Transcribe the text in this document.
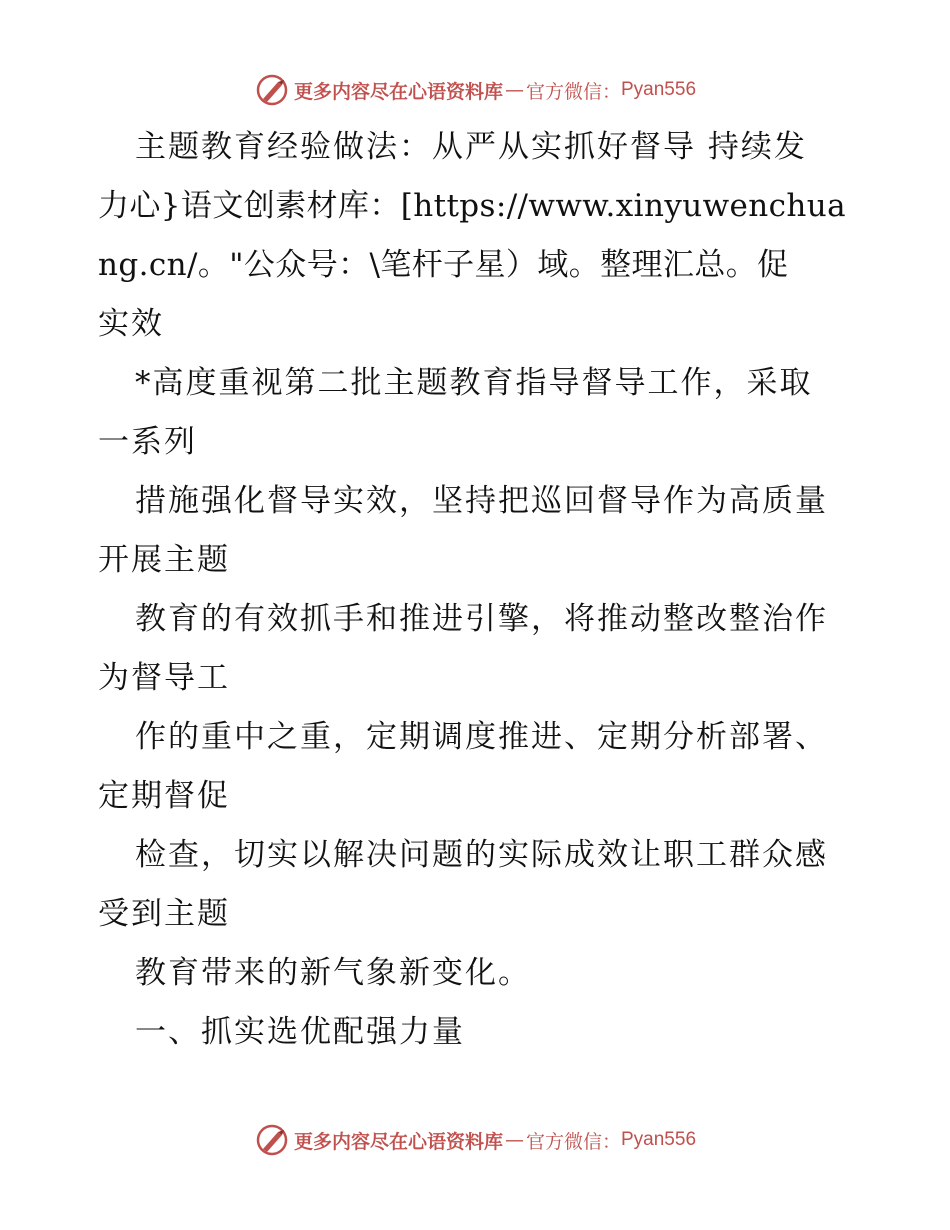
更多内容尽在心语资料库 — 官方微信： Pyan556
主题教育经验做法：从严从实抓好督导 持续发
力心}语文创素材库：[https://www.xinyuwenchua
ng.cn/。"公众号：\笔杆子星）域。整理汇总。促
实效
*高度重视第二批主题教育指导督导工作，采取
一系列
措施强化督导实效，坚持把巡回督导作为高质量
开展主题
教育的有效抓手和推进引擎，将推动整改整治作
为督导工
作的重中之重，定期调度推进、定期分析部署、
定期督促
检查，切实以解决问题的实际成效让职工群众感
受到主题
教育带来的新气象新变化。
一、抓实选优配强力量
更多内容尽在心语资料库 — 官方微信： Pyan556
